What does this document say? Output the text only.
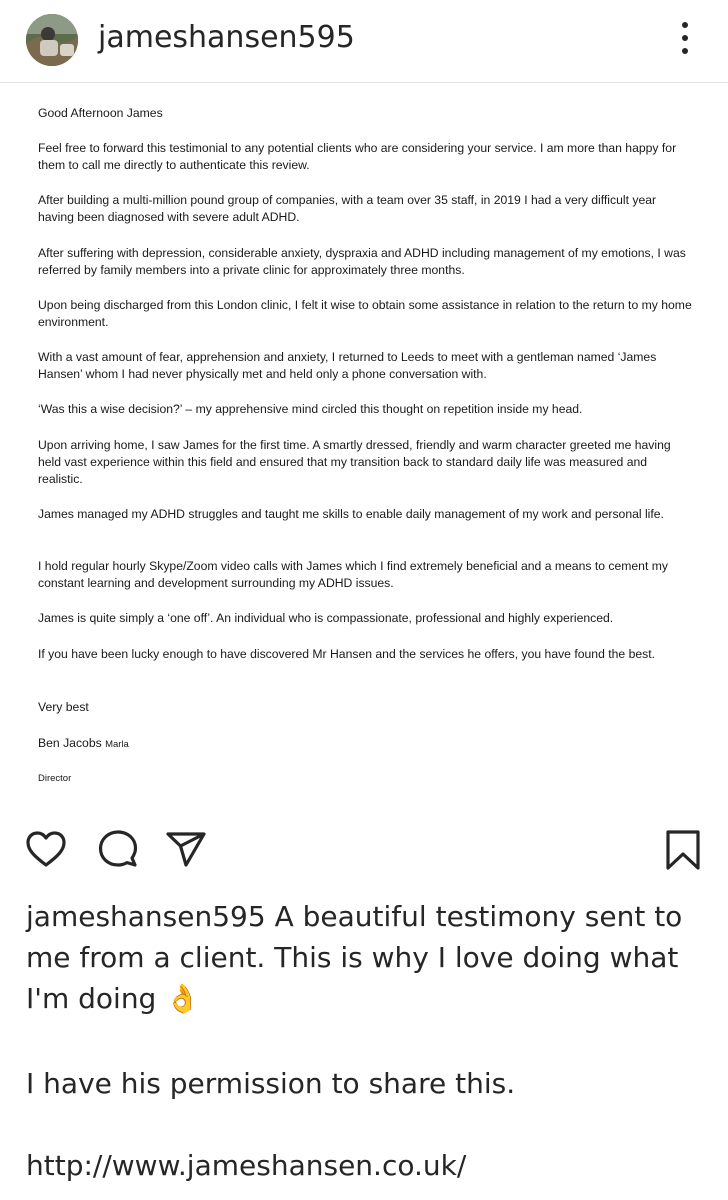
jameshansen595

Good Afternoon James

Feel free to forward this testimonial to any potential clients who are considering your service. I am more than happy for them to call me directly to authenticate this review.

After building a multi-million pound group of companies, with a team over 35 staff, in 2019 I had a very difficult year having been diagnosed with severe adult ADHD.

After suffering with depression, considerable anxiety, dyspraxia and ADHD including management of my emotions, I was referred by family members into a private clinic for approximately three months.

Upon being discharged from this London clinic, I felt it wise to obtain some assistance in relation to the return to my home environment.

With a vast amount of fear, apprehension and anxiety, I returned to Leeds to meet with a gentleman named ‘James Hansen’ whom I had never physically met and held only a phone conversation with.

‘Was this a wise decision?’ – my apprehensive mind circled this thought on repetition inside my head.

Upon arriving home, I saw James for the first time. A smartly dressed, friendly and warm character greeted me having held vast experience within this field and ensured that my transition back to standard daily life was measured and realistic.

James managed my ADHD struggles and taught me skills to enable daily management of my work and personal life.

I hold regular hourly Skype/Zoom video calls with James which I find extremely beneficial and a means to cement my constant learning and development surrounding my ADHD issues.

James is quite simply a ‘one off’. An individual who is compassionate, professional and highly experienced.

If you have been lucky enough to have discovered Mr Hansen and the services he offers, you have found the best.

Very best

Ben Jacobs Marla

Director

jameshansen595 A beautiful testimony sent to me from a client. This is why I love doing what I'm doing 👌
I have his permission to share this.
http://www.jameshansen.co.uk/
